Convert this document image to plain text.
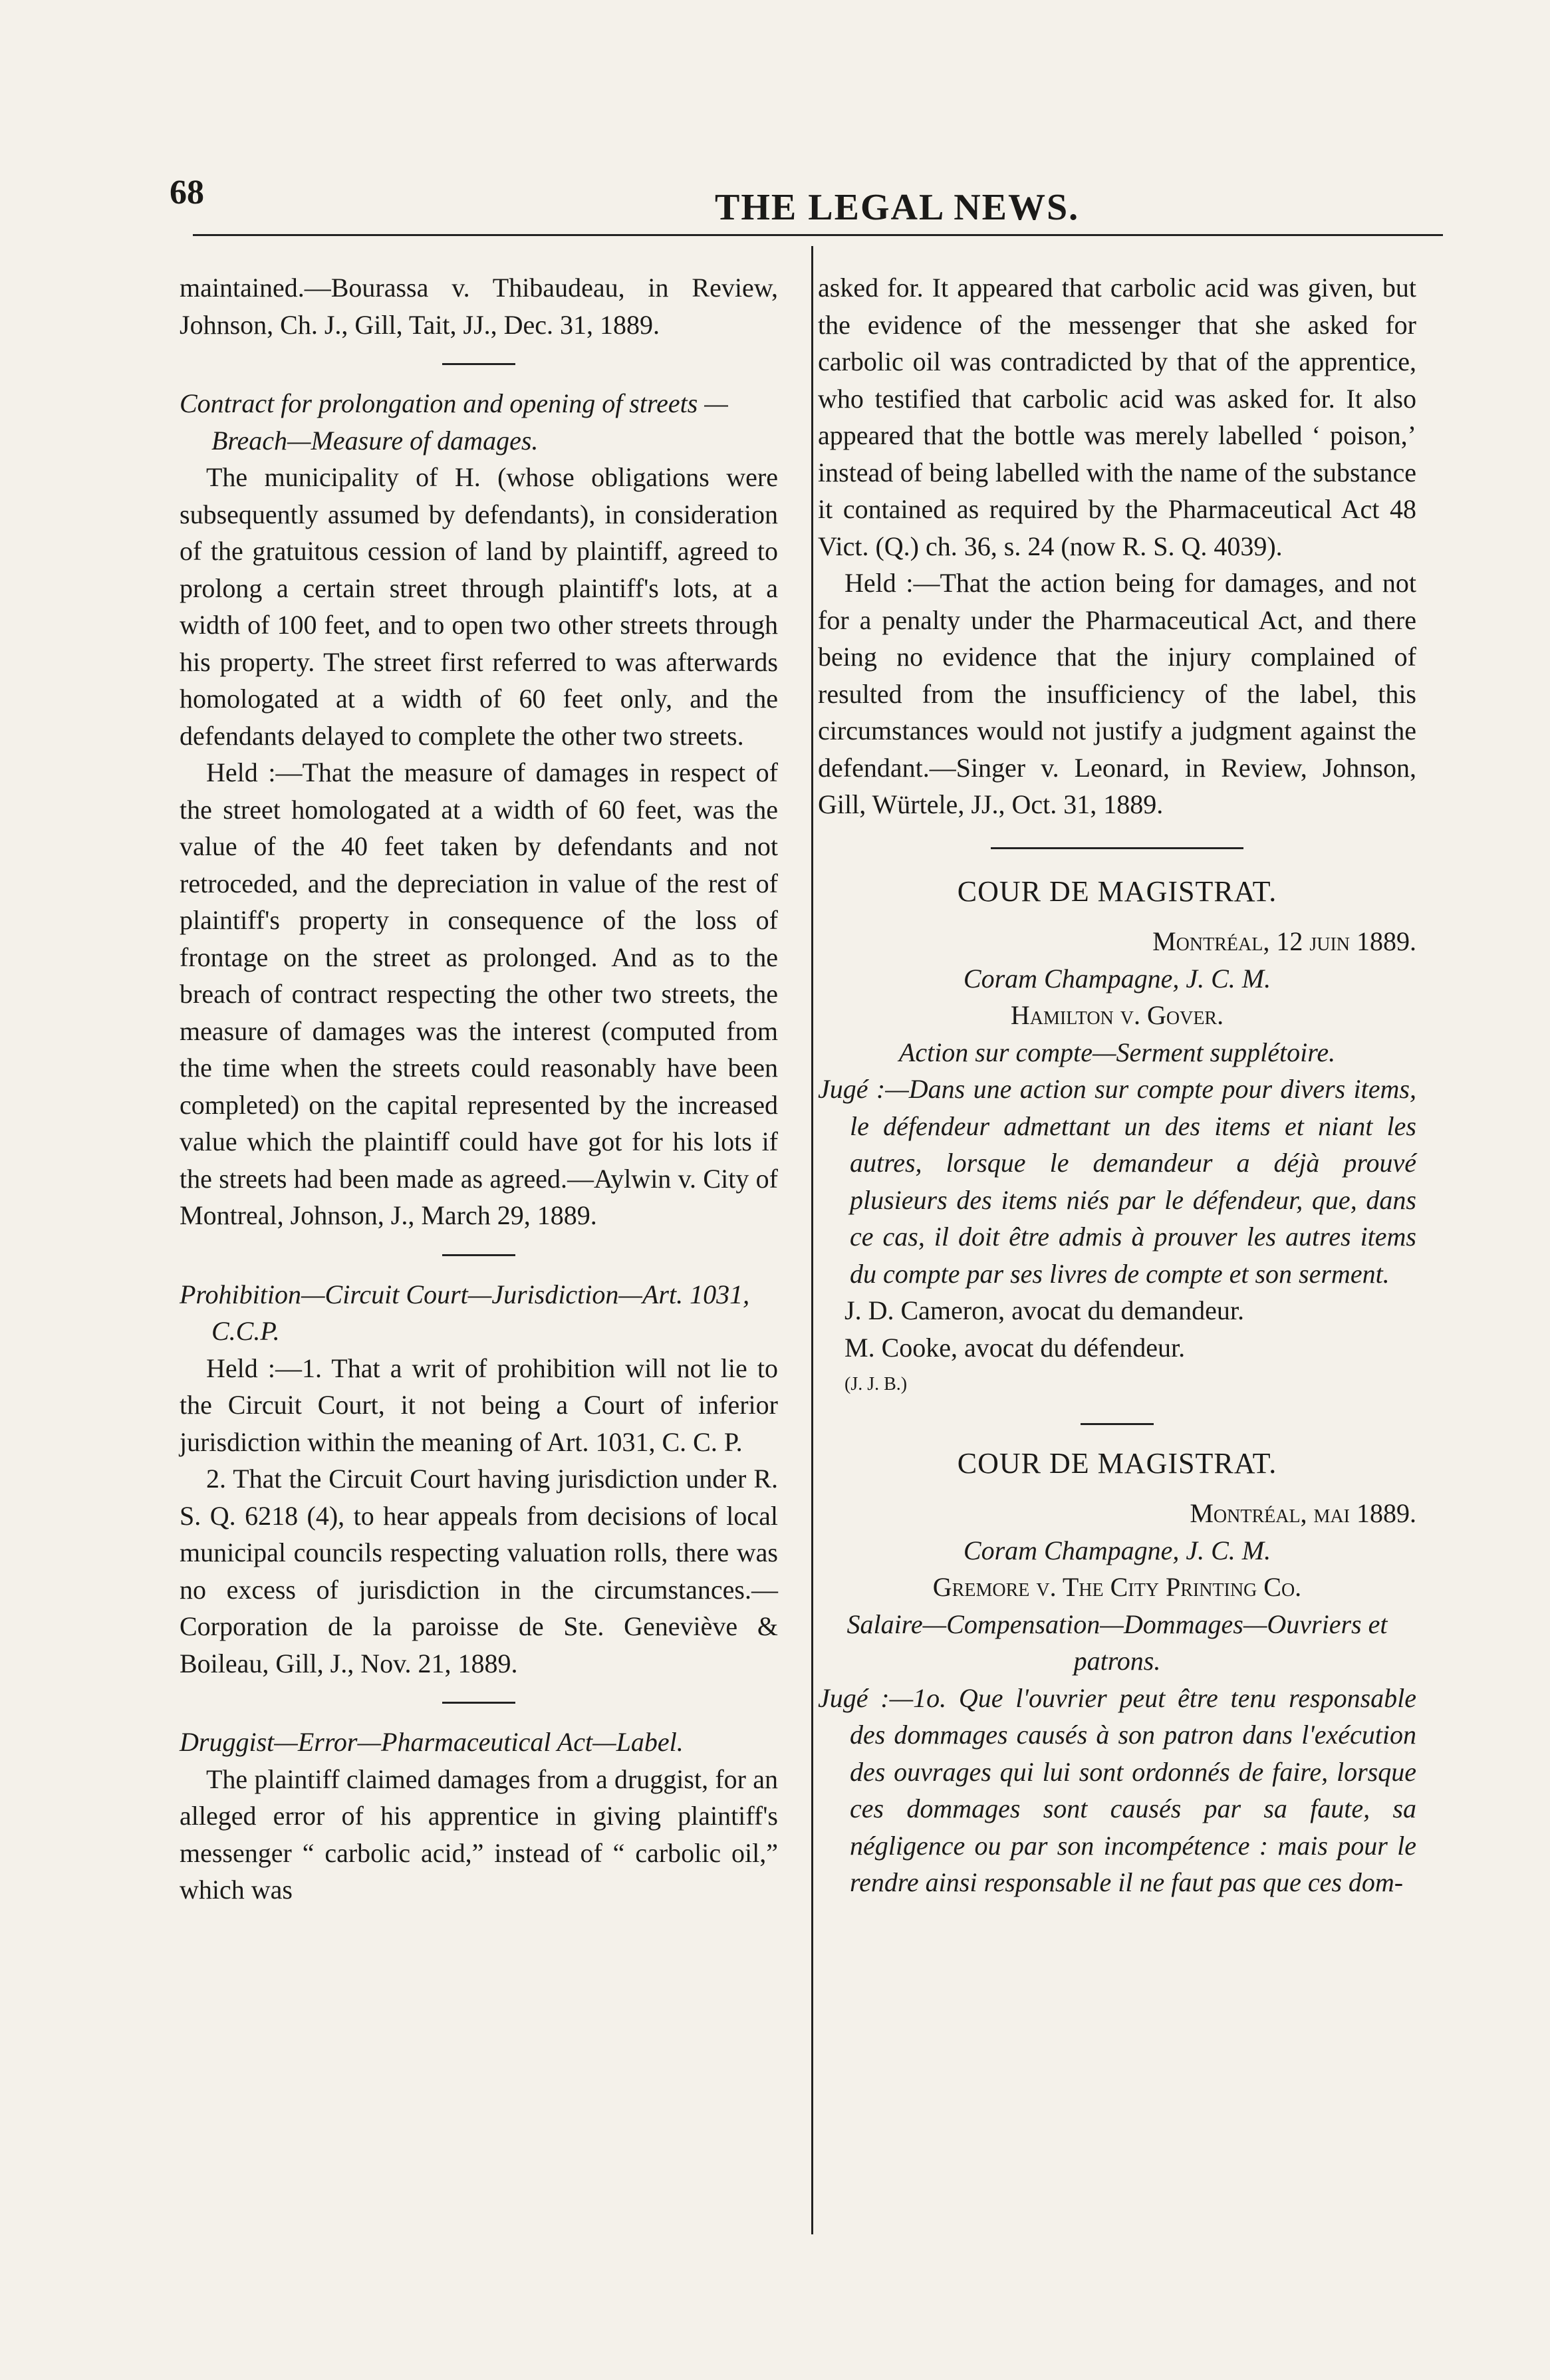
68	THE LEGAL NEWS.

maintained.—Bourassa v. Thibaudeau, in Review, Johnson, Ch. J., Gill, Tait, JJ., Dec. 31, 1889.

Contract for prolongation and opening of streets —Breach—Measure of damages.

The municipality of H. (whose obligations were subsequently assumed by defendants), in consideration of the gratuitous cession of land by plaintiff, agreed to prolong a certain street through plaintiff's lots, at a width of 100 feet, and to open two other streets through his property. The street first referred to was afterwards homologated at a width of 60 feet only, and the defendants delayed to complete the other two streets.

Held :—That the measure of damages in respect of the street homologated at a width of 60 feet, was the value of the 40 feet taken by defendants and not retroceded, and the depreciation in value of the rest of plaintiff's property in consequence of the loss of frontage on the street as prolonged. And as to the breach of contract respecting the other two streets, the measure of damages was the interest (computed from the time when the streets could reasonably have been completed) on the capital represented by the increased value which the plaintiff could have got for his lots if the streets had been made as agreed.—Aylwin v. City of Montreal, Johnson, J., March 29, 1889.

Prohibition—Circuit Court—Jurisdiction—Art. 1031, C.C.P.

Held :—1. That a writ of prohibition will not lie to the Circuit Court, it not being a Court of inferior jurisdiction within the meaning of Art. 1031, C. C. P.

2. That the Circuit Court having jurisdiction under R. S. Q. 6218 (4), to hear appeals from decisions of local municipal councils respecting valuation rolls, there was no excess of jurisdiction in the circumstances.—Corporation de la paroisse de Ste. Geneviève & Boileau, Gill, J., Nov. 21, 1889.

Druggist—Error—Pharmaceutical Act—Label.

The plaintiff claimed damages from a druggist, for an alleged error of his apprentice in giving plaintiff's messenger “ carbolic acid,” instead of “ carbolic oil,” which was

asked for. It appeared that carbolic acid was given, but the evidence of the messenger that she asked for carbolic oil was contradicted by that of the apprentice, who testified that carbolic acid was asked for. It also appeared that the bottle was merely labelled ‘ poison,’ instead of being labelled with the name of the substance it contained as required by the Pharmaceutical Act 48 Vict. (Q.) ch. 36, s. 24 (now R. S. Q. 4039).

Held :—That the action being for damages, and not for a penalty under the Pharmaceutical Act, and there being no evidence that the injury complained of resulted from the insufficiency of the label, this circumstances would not justify a judgment against the defendant.—Singer v. Leonard, in Review, Johnson, Gill, Würtele, JJ., Oct. 31, 1889.

COUR DE MAGISTRAT.

Montréal, 12 juin 1889.

Coram Champagne, J. C. M.

Hamilton v. Gover.

Action sur compte—Serment supplétoire.

Jugé :—Dans une action sur compte pour divers items, le défendeur admettant un des items et niant les autres, lorsque le demandeur a déjà prouvé plusieurs des items niés par le défendeur, que, dans ce cas, il doit être admis à prouver les autres items du compte par ses livres de compte et son serment.

J. D. Cameron, avocat du demandeur.

M. Cooke, avocat du défendeur.

(J. J. B.)

COUR DE MAGISTRAT.

Montréal, mai 1889.

Coram Champagne, J. C. M.

Gremore v. The City Printing Co.

Salaire—Compensation—Dommages—Ouvriers et patrons.

Jugé :—1o. Que l'ouvrier peut être tenu responsable des dommages causés à son patron dans l'exécution des ouvrages qui lui sont ordonnés de faire, lorsque ces dommages sont causés par sa faute, sa négligence ou par son incompétence : mais pour le rendre ainsi responsable il ne faut pas que ces dom-
